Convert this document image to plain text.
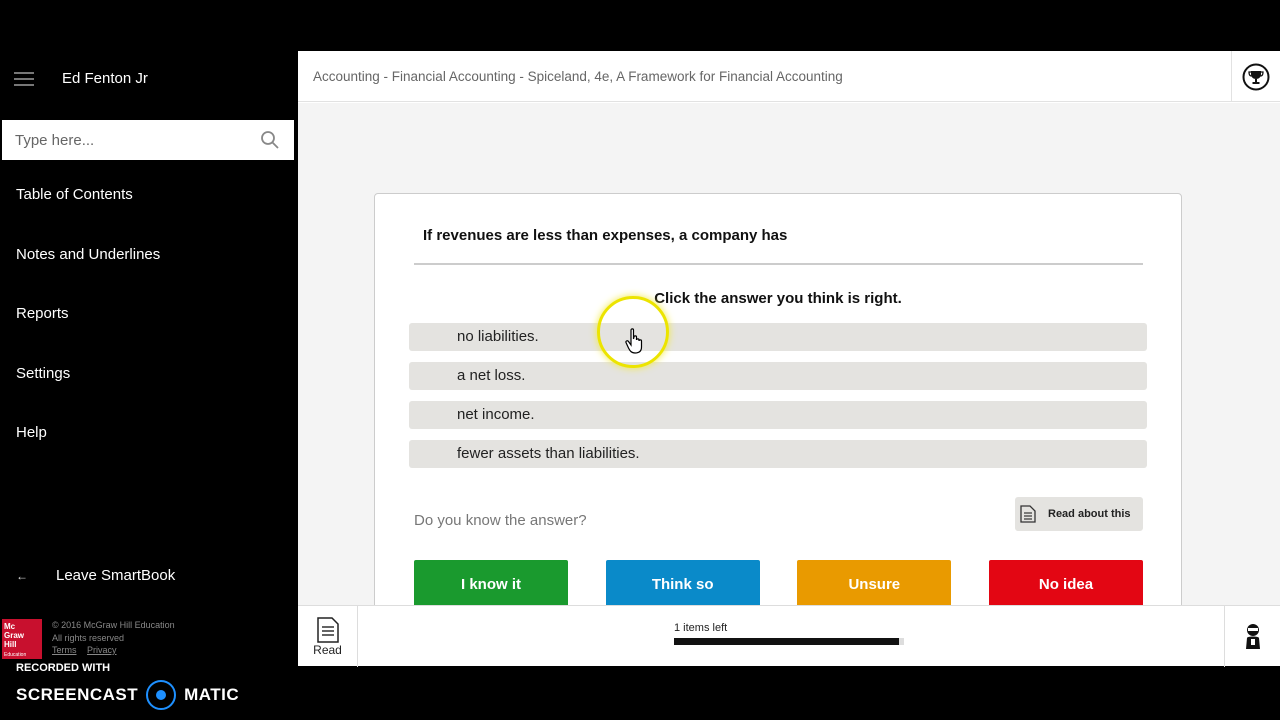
Ed Fenton Jr
Type here...
Table of Contents
Notes and Underlines
Reports
Settings
Help
←	Leave SmartBook
Mc
Graw
Hill
Education
© 2016 McGraw Hill Education
All rights reserved
Terms Privacy
RECORDED WITH
SCREENCAST	MATIC
Accounting - Financial Accounting - Spiceland, 4e, A Framework for Financial Accounting
If revenues are less than expenses, a company has
Click the answer you think is right.
no liabilities.
a net loss.
net income.
fewer assets than liabilities.
Do you know the answer?	Read about this
I know it	Think so	Unsure	No idea
Read
1 items left
